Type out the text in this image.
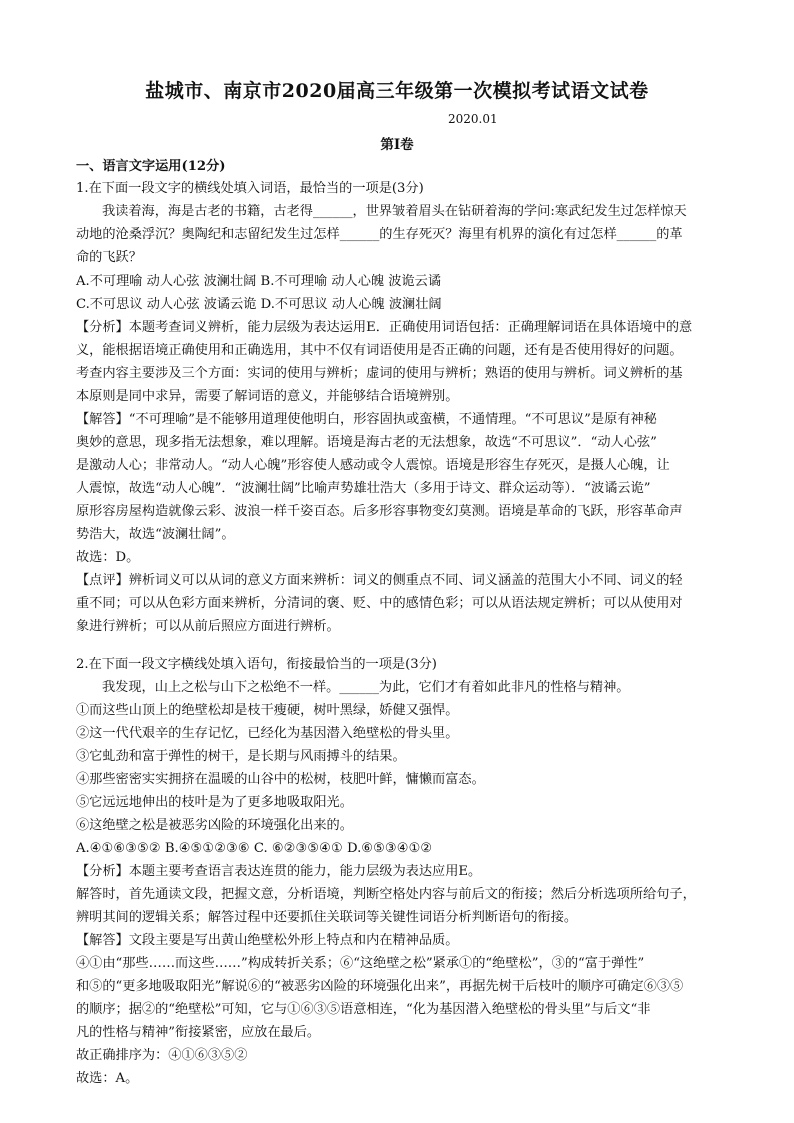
盐城市、南京市2020届高三年级第一次模拟考试语文试卷
2020.01
第Ⅰ卷
一、语言文字运用(12分)
1.在下面一段文字的横线处填入词语，最恰当的一项是(3分)
我读着海，海是古老的书籍，古老得______，世界皱着眉头在钻研着海的学问:寒武纪发生过怎样惊天
动地的沧桑浮沉？奥陶纪和志留纪发生过怎样______的生存死灭？海里有机界的演化有过怎样______的革
命的飞跃？
A.不可理喻 动人心弦 波澜壮阔 B.不可理喻 动人心魄 波诡云谲
C.不可思议 动人心弦 波谲云诡 D.不可思议 动人心魄 波澜壮阔
【分析】本题考查词义辨析，能力层级为表达运用E．正确使用词语包括：正确理解词语在具体语境中的意
义，能根据语境正确使用和正确选用，其中不仅有词语使用是否正确的问题，还有是否使用得好的问题。
考查内容主要涉及三个方面：实词的使用与辨析；虚词的使用与辨析；熟语的使用与辨析。词义辨析的基
本原则是同中求异，需要了解词语的意义，并能够结合语境辨别。
【解答】“不可理喻”是不能够用道理使他明白，形容固执或蛮横，不通情理。“不可思议”是原有神秘
奥妙的意思，现多指无法想象，难以理解。语境是海古老的无法想象，故选“不可思议”．“动人心弦”
是激动人心；非常动人。“动人心魄”形容使人感动或令人震惊。语境是形容生存死灭，是摄人心魄，让
人震惊，故选“动人心魄”．“波澜壮阔”比喻声势雄壮浩大（多用于诗文、群众运动等）．“波谲云诡”
原形容房屋构造就像云彩、波浪一样千姿百态。后多形容事物变幻莫测。语境是革命的飞跃，形容革命声
势浩大，故选“波澜壮阔”。
故选：D。
【点评】辨析词义可以从词的意义方面来辨析：词义的侧重点不同、词义涵盖的范围大小不同、词义的轻
重不同；可以从色彩方面来辨析，分清词的褒、贬、中的感情色彩；可以从语法规定辨析；可以从使用对
象进行辨析；可以从前后照应方面进行辨析。
2.在下面一段文字横线处填入语句，衔接最恰当的一项是(3分)
我发现，山上之松与山下之松绝不一样。______为此，它们才有着如此非凡的性格与精神。
①而这些山顶上的绝壁松却是枝干瘦硬，树叶黑绿，娇健又强悍。
②这一代代艰辛的生存记忆，已经化为基因潜入绝壁松的骨头里。
③它虬劲和富于弹性的树干，是长期与风雨搏斗的结果。
④那些密密实实拥挤在温暖的山谷中的松树，枝肥叶鲜，慵懒而富态。
⑤它远远地伸出的枝叶是为了更多地吸取阳光。
⑥这绝壁之松是被恶劣凶险的环境强化出来的。
A.④①⑥③⑤② B.④⑤①②③⑥ C. ⑥②③⑤④① D.⑥⑤③④①②
【分析】本题主要考查语言表达连贯的能力，能力层级为表达应用E。
解答时，首先通读文段，把握文意，分析语境，判断空格处内容与前后文的衔接；然后分析选项所给句子，
辨明其间的逻辑关系；解答过程中还要抓住关联词等关键性词语分析判断语句的衔接。
【解答】文段主要是写出黄山绝壁松外形上特点和内在精神品质。
④①由“那些……而这些……”构成转折关系；⑥“这绝壁之松”紧承①的“绝壁松”，③的“富于弹性”
和⑤的“更多地吸取阳光”解说⑥的“被恶劣凶险的环境强化出来”，再据先树干后枝叶的顺序可确定⑥③⑤
的顺序；据②的“绝壁松”可知，它与①⑥③⑤语意相连，“化为基因潜入绝壁松的骨头里”与后文“非
凡的性格与精神”衔接紧密，应放在最后。
故正确排序为：④①⑥③⑤②
故选：A。
